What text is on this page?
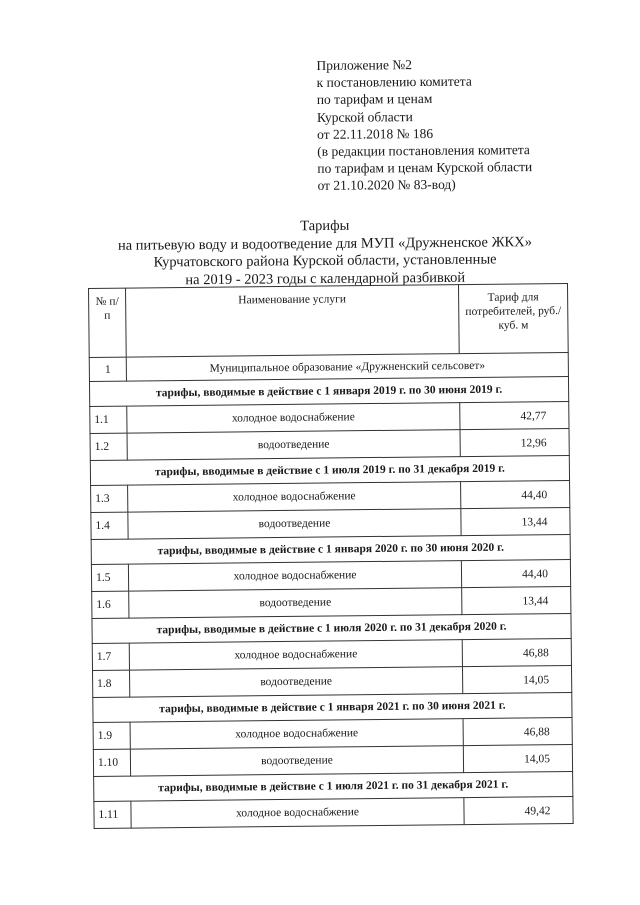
Приложение №2
к постановлению комитета
по тарифам и ценам
Курской области
от 22.11.2018 № 186
(в редакции постановления комитета
по тарифам и ценам Курской области
от 21.10.2020 № 83-вод)
Тарифы
на питьевую воду и водоотведение для МУП «Дружненское ЖКХ»
Курчатовского района Курской области, установленные
на 2019 - 2023 годы с календарной разбивкой
№ п/п	Наименование услуги	Тариф для потребителей, руб./куб. м
1	Муниципальное образование «Дружненский сельсовет»	
тарифы, вводимые в действие с 1 января 2019 г. по 30 июня 2019 г.		
1.1	холодное водоснабжение	42,77
1.2	водоотведение	12,96
тарифы, вводимые в действие с 1 июля 2019 г. по 31 декабря 2019 г.		
1.3	холодное водоснабжение	44,40
1.4	водоотведение	13,44
тарифы, вводимые в действие с 1 января 2020 г. по 30 июня 2020 г.		
1.5	холодное водоснабжение	44,40
1.6	водоотведение	13,44
тарифы, вводимые в действие с 1 июля 2020 г. по 31 декабря 2020 г.		
1.7	холодное водоснабжение	46,88
1.8	водоотведение	14,05
тарифы, вводимые в действие с 1 января 2021 г. по 30 июня 2021 г.		
1.9	холодное водоснабжение	46,88
1.10	водоотведение	14,05
тарифы, вводимые в действие с 1 июля 2021 г. по 31 декабря 2021 г.		
1.11	холодное водоснабжение	49,42
